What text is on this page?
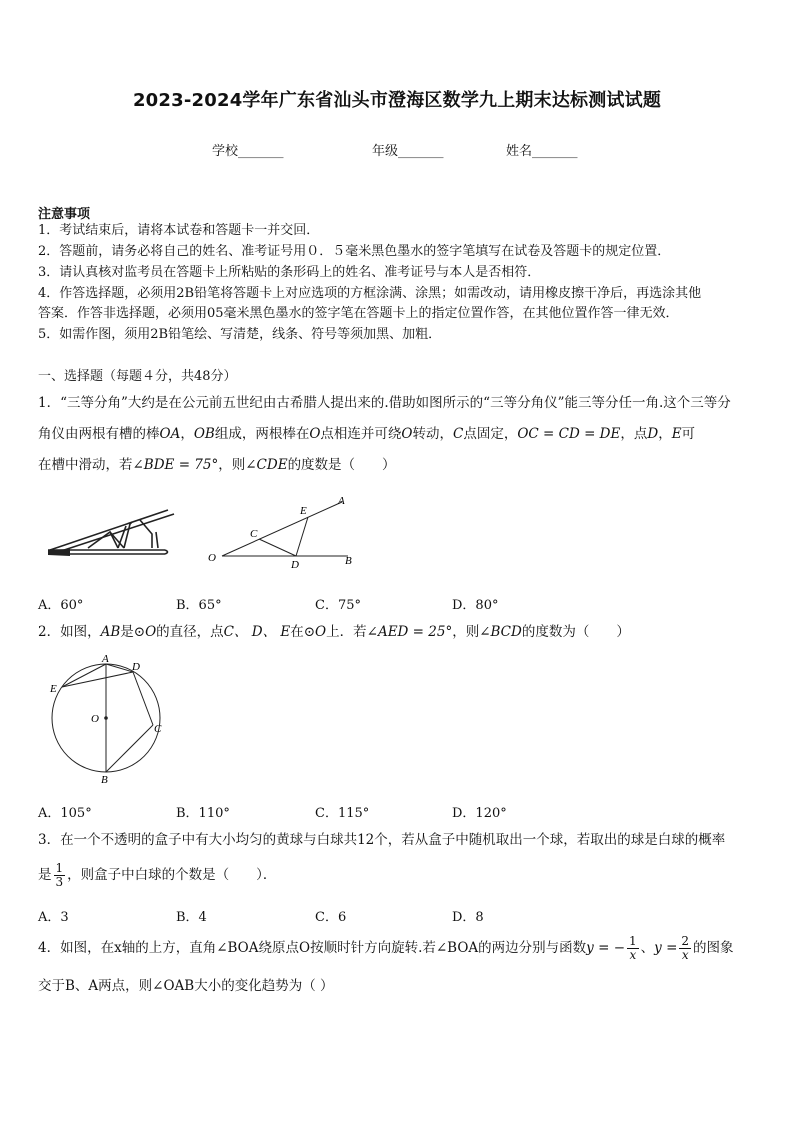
2023-2024学年广东省汕头市澄海区数学九上期末达标测试试题
学校_______	年级_______	姓名_______
注意事项
1．考试结束后，请将本试卷和答题卡一并交回．
2．答题前，请务必将自己的姓名、准考证号用０．５毫米黑色墨水的签字笔填写在试卷及答题卡的规定位置．
3．请认真核对监考员在答题卡上所粘贴的条形码上的姓名、准考证号与本人是否相符．
4．作答选择题，必须用2B铅笔将答题卡上对应选项的方框涂满、涂黑；如需改动，请用橡皮擦干净后，再选涂其他
答案．作答非选择题，必须用05毫米黑色墨水的签字笔在答题卡上的指定位置作答，在其他位置作答一律无效．
5．如需作图，须用2B铅笔绘、写清楚，线条、符号等须加黑、加粗．
一、选择题（每题４分，共48分）
1．“三等分角”大约是在公元前五世纪由古希腊人提出来的.借助如图所示的“三等分角仪”能三等分任一角.这个三等分
角仪由两根有槽的棒OA，OB组成，两根棒在O点相连并可绕O转动，C点固定，OC = CD = DE，点D，E可
在槽中滑动，若∠BDE = 75°，则∠CDE的度数是（　　）
O
C
D
E
A
B
A．60°	B．65°	C．75°	D．80°
2．如图，AB是⊙O的直径，点C、 D、 E在⊙O上．若∠AED = 25°，则∠BCD的度数为（　　）
A
D
E
O
C
B
A．105°	B．110°	C．115°	D．120°
3．在一个不透明的盒子中有大小均匀的黄球与白球共12个，若从盒子中随机取出一个球，若取出的球是白球的概率
是 $\frac{1}{3}$ ，则盒子中白球的个数是（　　）．
A．3	B．4	C．6	D．8
4．如图，在x轴的上方，直角∠BOA绕原点O按顺时针方向旋转.若∠BOA的两边分别与函数y = − $\frac{1}{x}$ 、$y = \frac{2}{x}$ 的图象
交于B、A两点，则∠OAB大小的变化趋势为（ ）
